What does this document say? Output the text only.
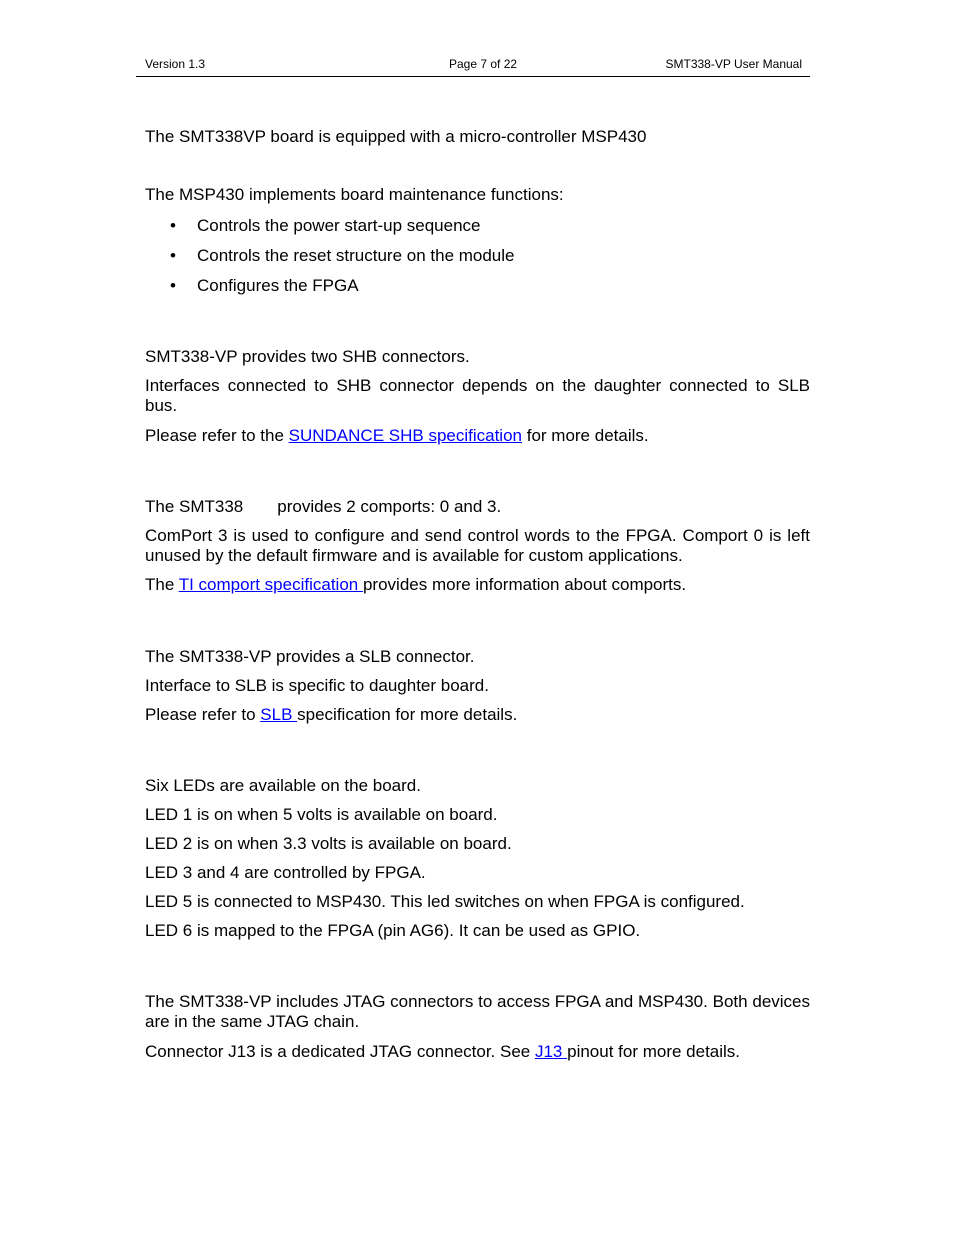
Version 1.3	Page 7 of 22	SMT338-VP User Manual
The SMT338VP board is equipped with a micro-controller MSP430
The MSP430 implements board maintenance functions:
• Controls the power start-up sequence
• Controls the reset structure on the module
• Configures the FPGA
SMT338-VP provides two SHB connectors.
Interfaces connected to SHB connector depends on the daughter connected to SLB bus.
Please refer to the SUNDANCE SHB specification for more details.
The SMT338 provides 2 comports: 0 and 3.
ComPort 3 is used to configure and send control words to the FPGA. Comport 0 is left unused by the default firmware and is available for custom applications.
The TI comport specification provides more information about comports.
The SMT338-VP provides a SLB connector.
Interface to SLB is specific to daughter board.
Please refer to SLB specification for more details.
Six LEDs are available on the board.
LED 1 is on when 5 volts is available on board.
LED 2 is on when 3.3 volts is available on board.
LED 3 and 4 are controlled by FPGA.
LED 5 is connected to MSP430. This led switches on when FPGA is configured.
LED 6 is mapped to the FPGA (pin AG6). It can be used as GPIO.
The SMT338-VP includes JTAG connectors to access FPGA and MSP430. Both devices are in the same JTAG chain.
Connector J13 is a dedicated JTAG connector. See J13 pinout for more details.
